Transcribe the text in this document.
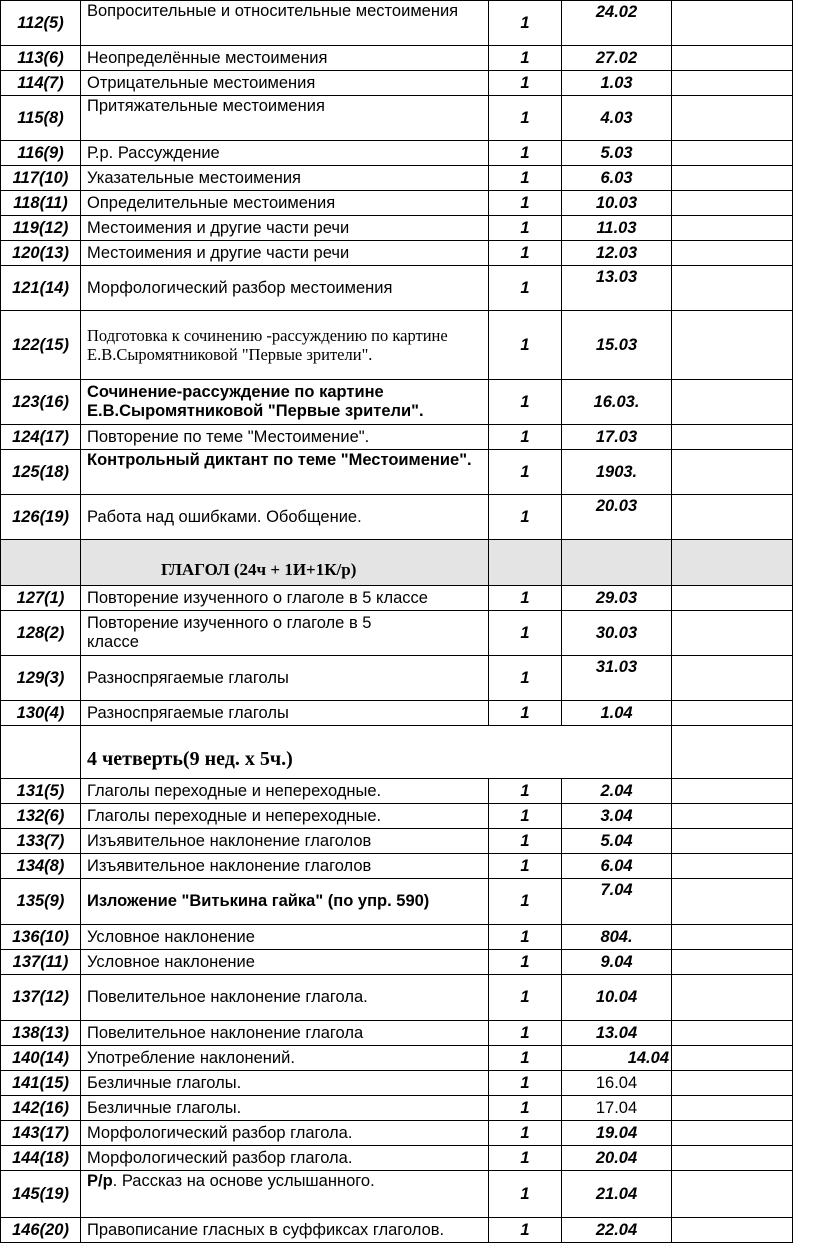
112(5)	Вопросительные и относительные местоимения	1	24.02	
113(6)	Неопределённые местоимения	1	27.02	
114(7)	Отрицательные местоимения	1	1.03	
115(8)	Притяжательные местоимения	1	4.03	
116(9)	Р.р. Рассуждение	1	5.03	
117(10)	Указательные местоимения	1	6.03	
118(11)	Определительные местоимения	1	10.03	
119(12)	Местоимения и другие части речи	1	11.03	
120(13)	Местоимения и другие части речи	1	12.03	
121(14)	Морфологический разбор местоимения	1	13.03	
122(15)	Подготовка к сочинению -рассуждению по картине Е.В.Сыромятниковой "Первые зрители".	1	15.03	
123(16)	Сочинение-рассуждение по картине Е.В.Сыромятниковой "Первые зрители".	1	16.03.	
124(17)	Повторение по теме "Местоимение".	1	17.03	
125(18)	Контрольный диктант по теме "Местоимение".	1	1903.	
126(19)	Работа над ошибками. Обобщение.	1	20.03	

	ГЛАГОЛ (24ч + 1И+1К/р)			

127(1)	Повторение изученного о глаголе в 5 классе	1	29.03	
128(2)	Повторение изученного о глаголе в 5 классе	1	30.03	
129(3)	Разноспрягаемые глаголы	1	31.03	
130(4)	Разноспрягаемые глаголы	1	1.04	

	4 четверть(9 нед. х 5ч.)			

131(5)	Глаголы переходные и непереходные.	1	2.04	
132(6)	Глаголы переходные и непереходные.	1	3.04	
133(7)	Изъявительное наклонение глаголов	1	5.04	
134(8)	Изъявительное наклонение глаголов	1	6.04	
135(9)	Изложение "Витькина гайка" (по упр. 590)	1	7.04	
136(10)	Условное наклонение	1	804.	
137(11)	Условное наклонение	1	9.04	
137(12)	Повелительное наклонение глагола.	1	10.04	
138(13)	Повелительное наклонение глагола	1	13.04	
140(14)	Употребление наклонений.	1	14.04	
141(15)	Безличные глаголы.	1	16.04	
142(16)	Безличные глаголы.	1	17.04	
143(17)	Морфологический разбор глагола.	1	19.04	
144(18)	Морфологический разбор глагола.	1	20.04	
145(19)	Р/р. Рассказ на основе услышанного.	1	21.04	
146(20)	Правописание гласных в суффиксах глаголов.	1	22.04	
